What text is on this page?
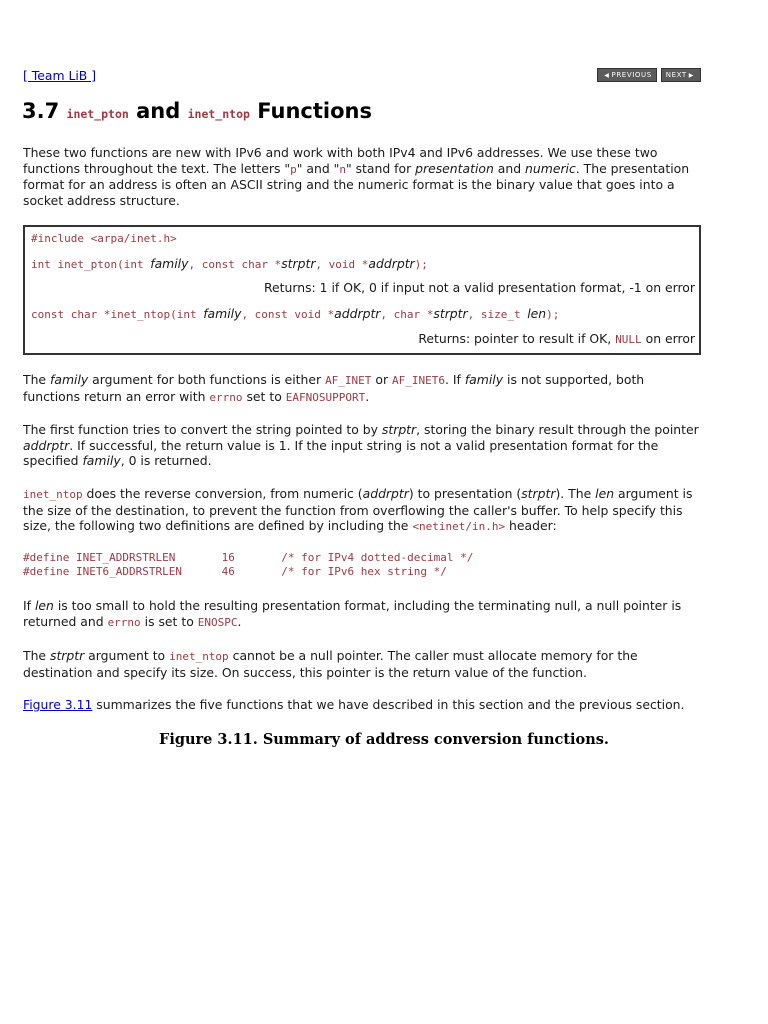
[ Team LiB ]	◀ PREVIOUS NEXT ▶
3.7 inet_pton and inet_ntop Functions

These two functions are new with IPv6 and work with both IPv4 and IPv6 addresses. We use these two functions throughout the text. The letters "p" and "n" stand for presentation and numeric. The presentation format for an address is often an ASCII string and the numeric format is the binary value that goes into a socket address structure.

#include <arpa/inet.h>
int inet_pton(int family, const char *strptr, void *addrptr);
Returns: 1 if OK, 0 if input not a valid presentation format, -1 on error
const char *inet_ntop(int family, const void *addrptr, char *strptr, size_t len);
Returns: pointer to result if OK, NULL on error

The family argument for both functions is either AF_INET or AF_INET6. If family is not supported, both functions return an error with errno set to EAFNOSUPPORT.

The first function tries to convert the string pointed to by strptr, storing the binary result through the pointer addrptr. If successful, the return value is 1. If the input string is not a valid presentation format for the specified family, 0 is returned.

inet_ntop does the reverse conversion, from numeric (addrptr) to presentation (strptr). The len argument is the size of the destination, to prevent the function from overflowing the caller's buffer. To help specify this size, the following two definitions are defined by including the <netinet/in.h> header:

#define INET_ADDRSTRLEN       16       /* for IPv4 dotted-decimal */
#define INET6_ADDRSTRLEN      46       /* for IPv6 hex string */

If len is too small to hold the resulting presentation format, including the terminating null, a null pointer is returned and errno is set to ENOSPC.

The strptr argument to inet_ntop cannot be a null pointer. The caller must allocate memory for the destination and specify its size. On success, this pointer is the return value of the function.

Figure 3.11 summarizes the five functions that we have described in this section and the previous section.

Figure 3.11. Summary of address conversion functions.
